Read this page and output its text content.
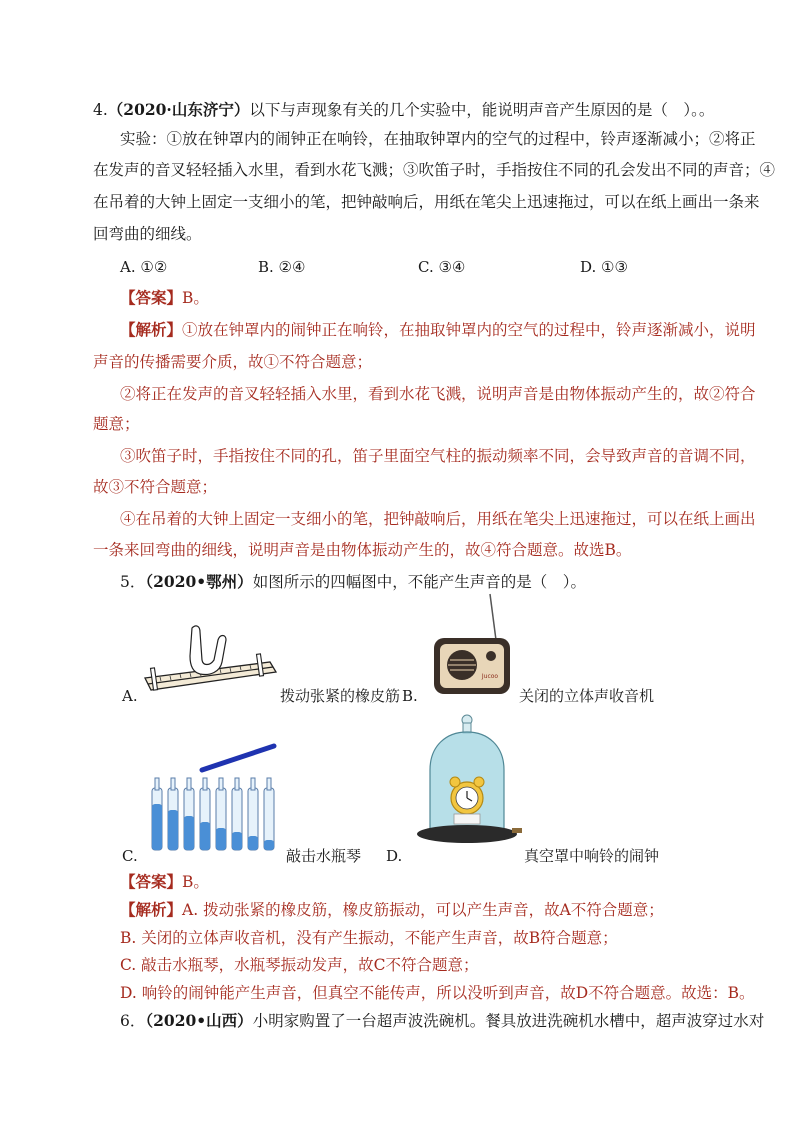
4.（2020·山东济宁）以下与声现象有关的几个实验中，能说明声音产生原因的是（　）。。
实验：①放在钟罩内的闹钟正在响铃，在抽取钟罩内的空气的过程中，铃声逐渐减小；②将正
在发声的音叉轻轻插入水里，看到水花飞溅；③吹笛子时，手指按住不同的孔会发出不同的声音；④
在吊着的大钟上固定一支细小的笔，把钟敲响后，用纸在笔尖上迅速拖过，可以在纸上画出一条来
回弯曲的细线。
A. ①②	B. ②④	C. ③④	D. ①③
【答案】B。
【解析】①放在钟罩内的闹钟正在响铃，在抽取钟罩内的空气的过程中，铃声逐渐减小，说明
声音的传播需要介质，故①不符合题意；
②将正在发声的音叉轻轻插入水里，看到水花飞溅，说明声音是由物体振动产生的，故②符合
题意；
③吹笛子时，手指按住不同的孔，笛子里面空气柱的振动频率不同，会导致声音的音调不同，
故③不符合题意；
④在吊着的大钟上固定一支细小的笔，把钟敲响后，用纸在笔尖上迅速拖过，可以在纸上画出
一条来回弯曲的细线，说明声音是由物体振动产生的，故④符合题意。故选B。
5．（2020•鄂州）如图所示的四幅图中，不能产生声音的是（　）。
A.	拨动张紧的橡皮筋
Jucoo
B.	关闭的立体声收音机
C.	敲击水瓶琴 D.	真空罩中响铃的闹钟
【答案】B。
【解析】A. 拨动张紧的橡皮筋，橡皮筋振动，可以产生声音，故A不符合题意；
B. 关闭的立体声收音机，没有产生振动，不能产生声音，故B符合题意；
C. 敲击水瓶琴，水瓶琴振动发声，故C不符合题意；
D. 响铃的闹钟能产生声音，但真空不能传声，所以没听到声音，故D不符合题意。故选：B。
6．（2020•山西）小明家购置了一台超声波洗碗机。餐具放进洗碗机水槽中，超声波穿过水对
